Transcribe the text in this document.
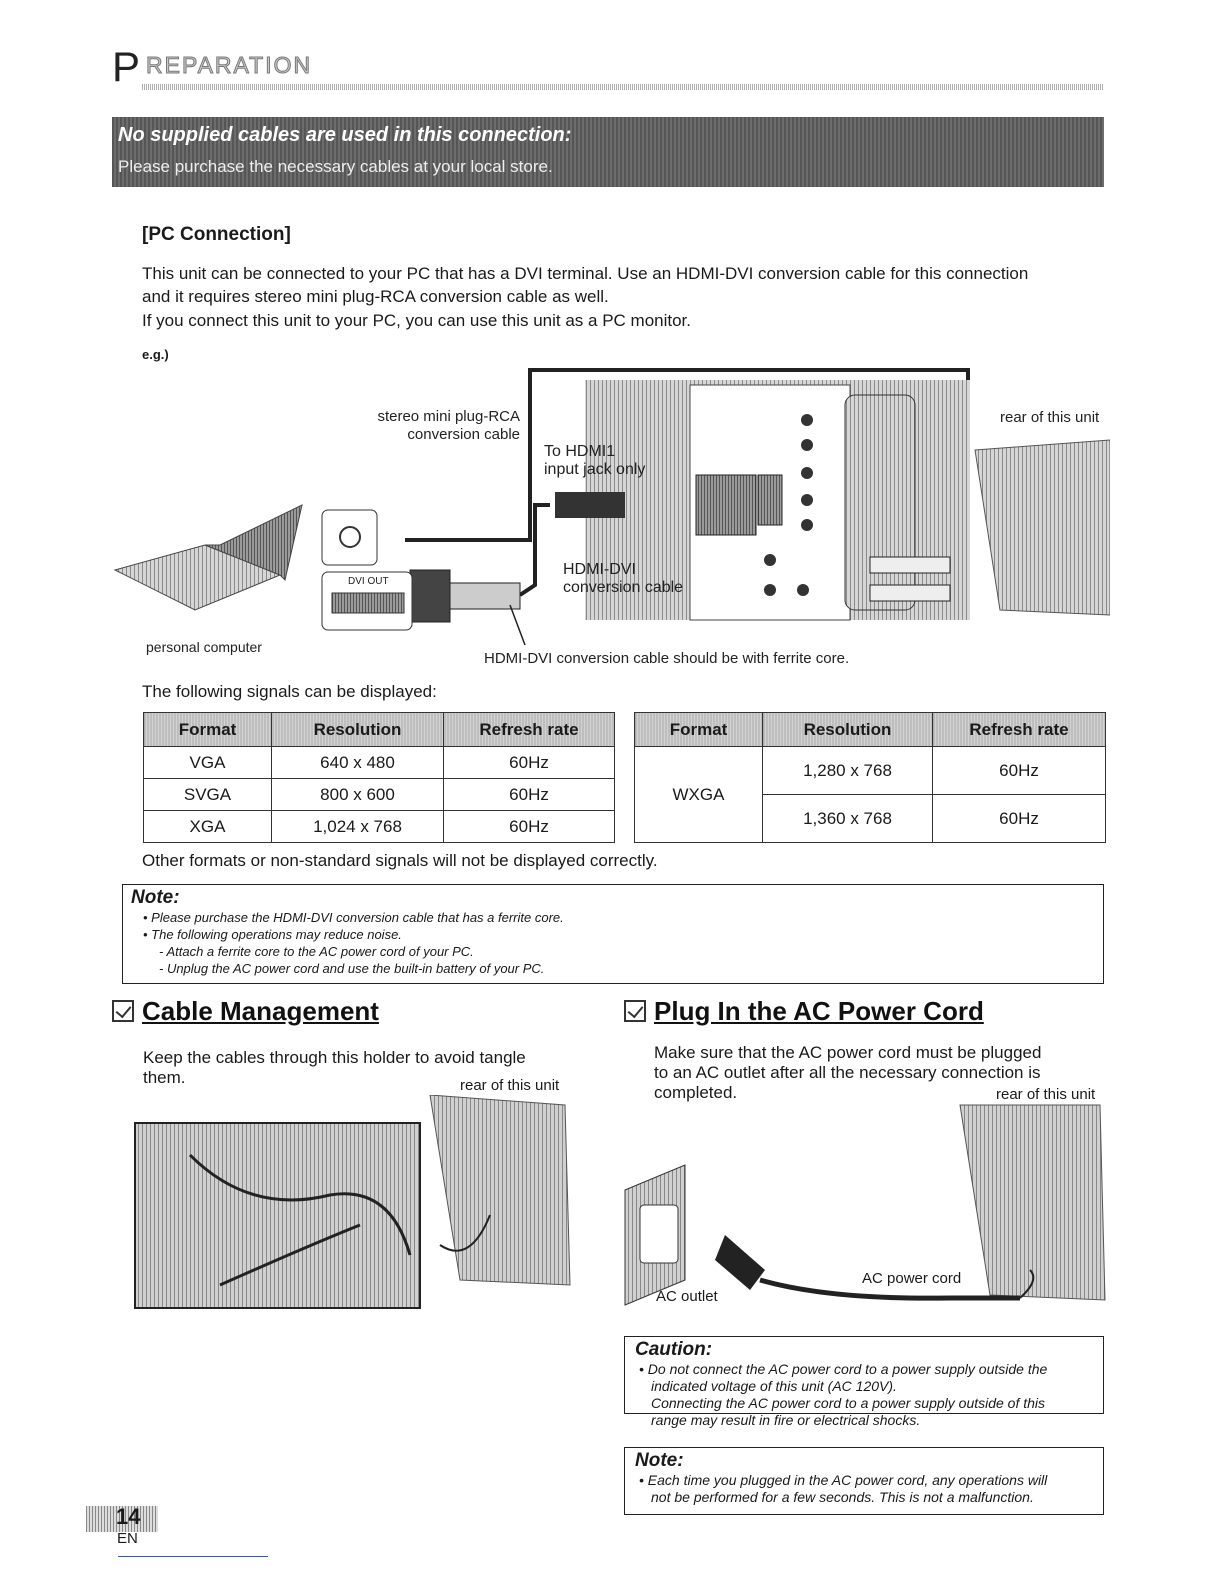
P REPARATION
No supplied cables are used in this connection:
Please purchase the necessary cables at your local store.
[PC Connection]
This unit can be connected to your PC that has a DVI terminal. Use an HDMI-DVI conversion cable for this connection
and it requires stereo mini plug-RCA conversion cable as well.
If you connect this unit to your PC, you can use this unit as a PC monitor.
e.g.)
stereo mini plug-RCA
conversion cable
To HDMI1
input jack only
rear of this unit
HDMI-DVI
conversion cable
DVI OUT
personal computer
HDMI-DVI conversion cable should be with ferrite core.
The following signals can be displayed:
Format	Resolution	Refresh rate
VGA	640 x 480	60Hz
SVGA	800 x 600	60Hz
XGA	1,024 x 768	60Hz
Format	Resolution	Refresh rate
WXGA	1,280 x 768	60Hz
	1,360 x 768	60Hz
Other formats or non-standard signals will not be displayed correctly.
Note:
• Please purchase the HDMI-DVI conversion cable that has a ferrite core.
• The following operations may reduce noise.
- Attach a ferrite core to the AC power cord of your PC.
- Unplug the AC power cord and use the built-in battery of your PC.
Cable Management
Keep the cables through this holder to avoid tangle
them.	rear of this unit
Plug In the AC Power Cord
Make sure that the AC power cord must be plugged
to an AC outlet after all the necessary connection is
completed.	rear of this unit
AC outlet
AC power cord
Caution:
• Do not connect the AC power cord to a power supply outside the
indicated voltage of this unit (AC 120V).
Connecting the AC power cord to a power supply outside of this
range may result in fire or electrical shocks.
Note:
• Each time you plugged in the AC power cord, any operations will
not be performed for a few seconds. This is not a malfunction.
14
EN
